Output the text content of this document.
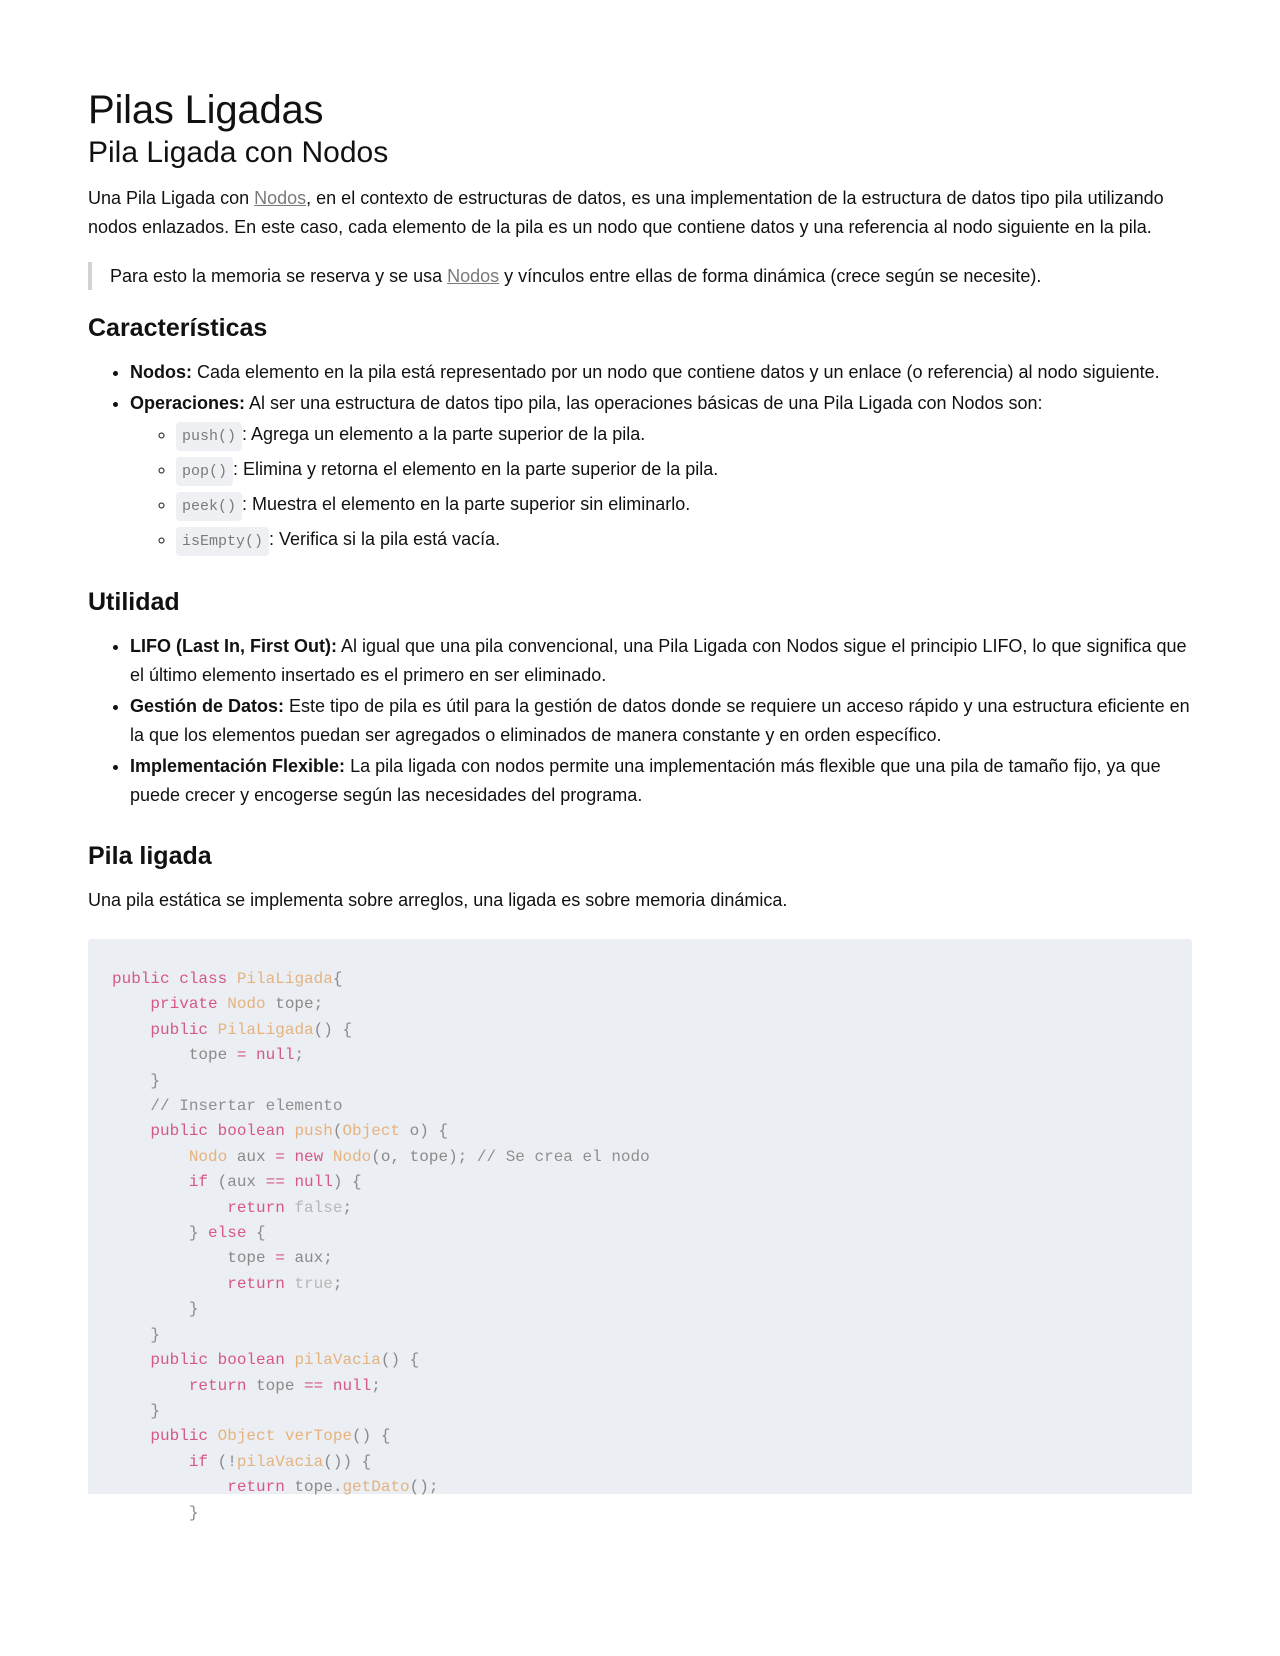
Pilas Ligadas
Pila Ligada con Nodos

Una Pila Ligada con Nodos, en el contexto de estructuras de datos, es una implementation de la estructura de datos tipo pila utilizando nodos enlazados. En este caso, cada elemento de la pila es un nodo que contiene datos y una referencia al nodo siguiente en la pila.

Para esto la memoria se reserva y se usa Nodos y vínculos entre ellas de forma dinámica (crece según se necesite).
Características
• Nodos: Cada elemento en la pila está representado por un nodo que contiene datos y un enlace (o referencia) al nodo siguiente.
• Operaciones: Al ser una estructura de datos tipo pila, las operaciones básicas de una Pila Ligada con Nodos son:
◦ push() : Agrega un elemento a la parte superior de la pila.
◦ pop() : Elimina y retorna el elemento en la parte superior de la pila.
◦ peek() : Muestra el elemento en la parte superior sin eliminarlo.
◦ isEmpty() : Verifica si la pila está vacía.
Utilidad
• LIFO (Last In, First Out): Al igual que una pila convencional, una Pila Ligada con Nodos sigue el principio LIFO, lo que significa que el último elemento insertado es el primero en ser eliminado.
• Gestión de Datos: Este tipo de pila es útil para la gestión de datos donde se requiere un acceso rápido y una estructura eficiente en la que los elementos puedan ser agregados o eliminados de manera constante y en orden específico.
• Implementación Flexible: La pila ligada con nodos permite una implementación más flexible que una pila de tamaño fijo, ya que puede crecer y encogerse según las necesidades del programa.
Pila ligada

Una pila estática se implementa sobre arreglos, una ligada es sobre memoria dinámica.

public class PilaLigada{
private Nodo tope;
public PilaLigada() {
tope = null;
}
// Insertar elemento
public boolean push(Object o) {
Nodo aux = new Nodo(o, tope); // Se crea el nodo
if (aux == null) {
return false;
} else {
tope = aux;
return true;
}
}
public boolean pilaVacia() {
return tope == null;
}
public Object verTope() {
if (!pilaVacia()) {
return tope.getDato();
}
